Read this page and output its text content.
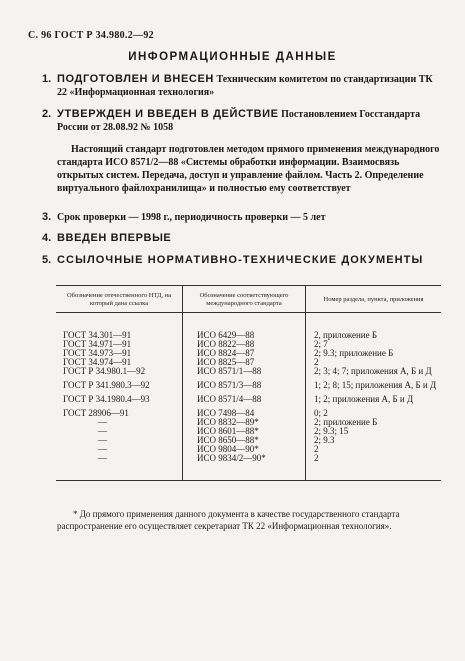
С. 96 ГОСТ Р 34.980.2—92
ИНФОРМАЦИОННЫЕ ДАННЫЕ
1. ПОДГОТОВЛЕН И ВНЕСЕН Техническим комитетом по стандартизации ТК 22 «Информационная технология»
2. УТВЕРЖДЕН И ВВЕДЕН В ДЕЙСТВИЕ Постановлением Госстандарта России от 28.08.92 № 1058
Настоящий стандарт подготовлен методом прямого применения международного стандарта ИСО 8571/2—88 «Системы обработки информации. Взаимосвязь открытых систем. Передача, доступ и управление файлом. Часть 2. Определение виртуального файлохранилища» и полностью ему соответствует
3. Срок проверки — 1998 г., периодичность проверки — 5 лет
4. ВВЕДЕН ВПЕРВЫЕ
5. ССЫЛОЧНЫЕ НОРМАТИВНО-ТЕХНИЧЕСКИЕ ДОКУМЕНТЫ
Обозначение отечественного НТД, на который дана ссылка	Обозначение соответствующего международного стандарта	Номер раздела, пункта, приложения

ГОСТ 34.301—91	ИСО 6429—88	2, приложение Б
ГОСТ 34.971—91	ИСО 8822—88	2; 7
ГОСТ 34.973—91	ИСО 8824—87	2; 9.3; приложение Б
ГОСТ 34.974—91	ИСО 8825—87	2
ГОСТ Р 34.980.1—92	ИСО 8571/1—88	2; 3; 4; 7; приложения А, Б и Д
ГОСТ Р 341.980.3—92	ИСО 8571/3—88	1; 2; 8; 15; приложения А, Б и Д
ГОСТ Р 34.1980.4—93	ИСО 8571/4—88	1; 2; приложения А, Б и Д
ГОСТ 28906—91	ИСО 7498—84	0; 2
—	ИСО 8832—89*	2; приложение Б
—	ИСО 8601—88*	2; 9.3; 15
—	ИСО 8650—88*	2; 9.3
—	ИСО 9804—90*	2
—	ИСО 9834/2—90*	2
* До прямого применения данного документа в качестве государственного стандарта распространение его осуществляет секретариат ТК 22 «Информационная технология».
